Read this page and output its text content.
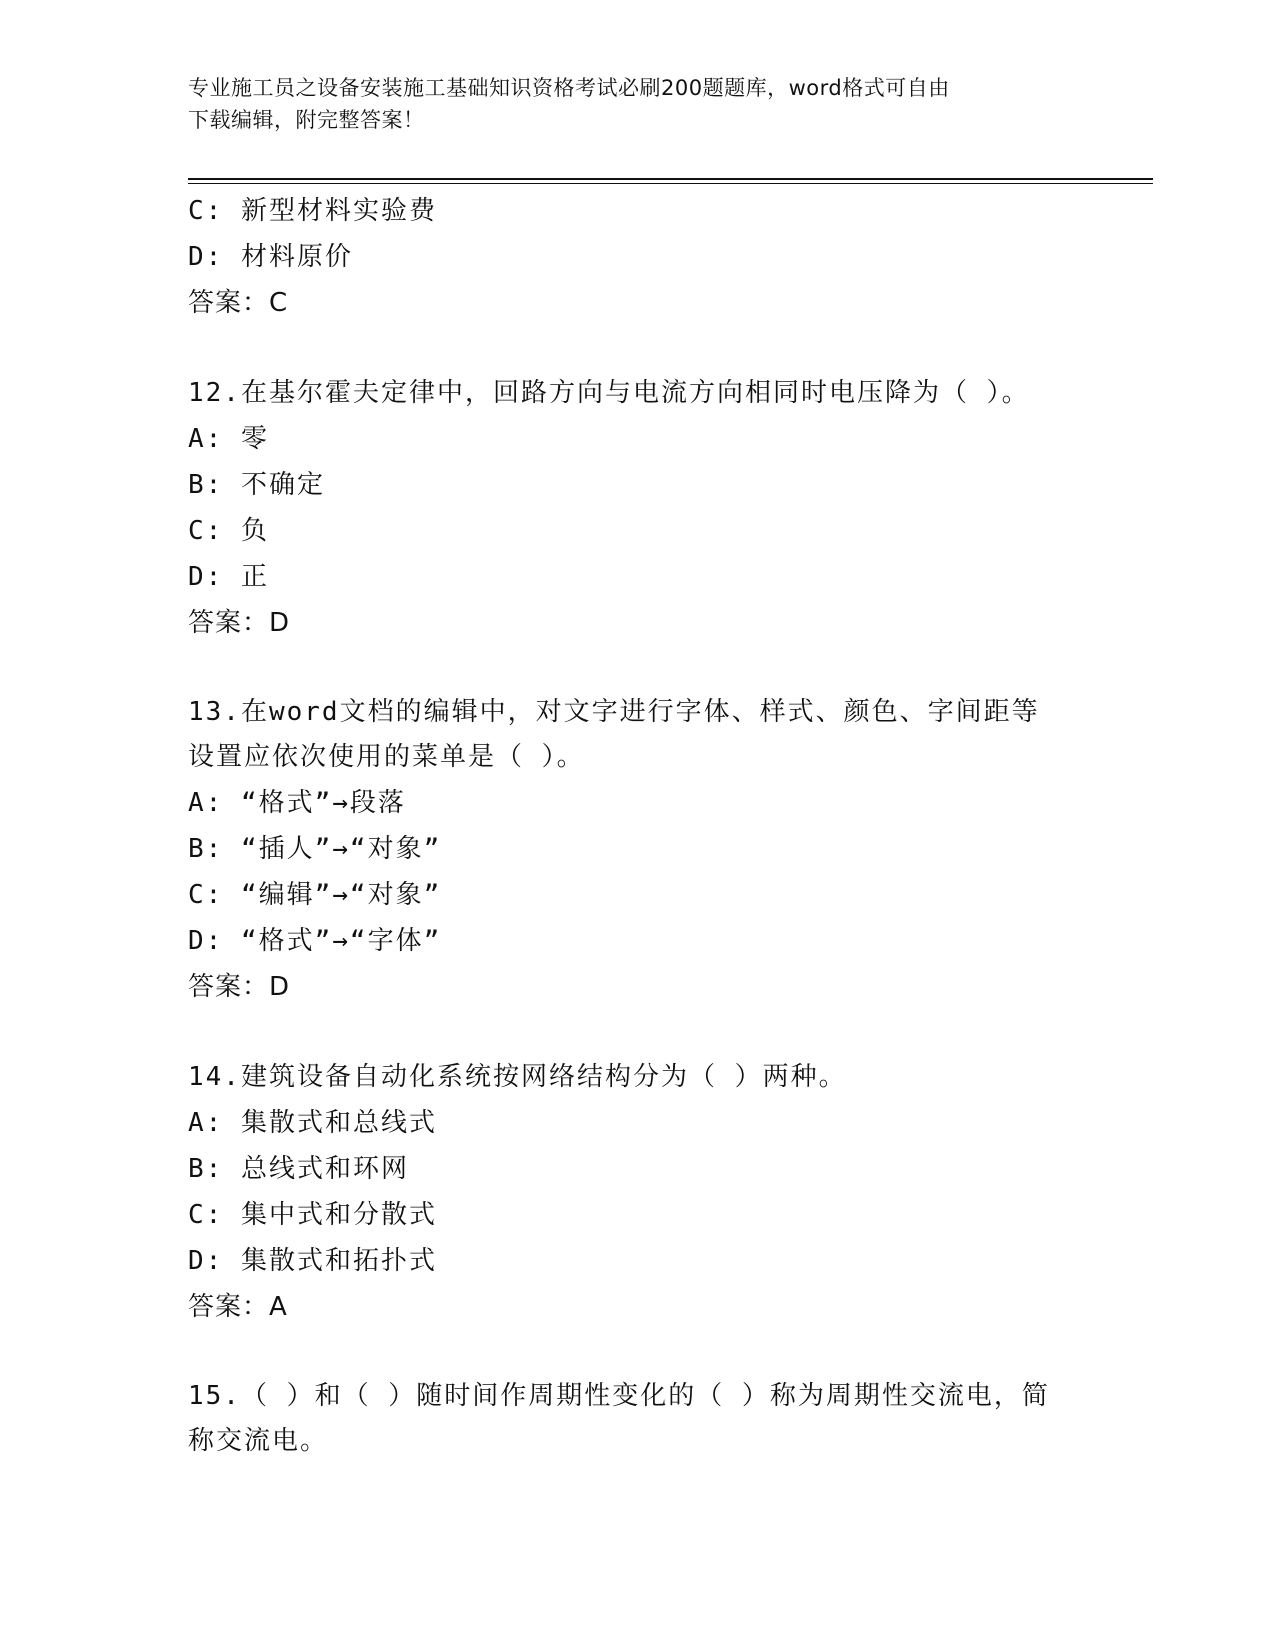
专业施工员之设备安装施工基础知识资格考试必刷200题题库，word格式可自由
下载编辑，附完整答案！
C: 新型材料实验费
D: 材料原价
答案：C
12.在基尔霍夫定律中，回路方向与电流方向相同时电压降为（ ）。
A: 零
B: 不确定
C: 负
D: 正
答案：D
13.在word文档的编辑中，对文字进行字体、样式、颜色、字间距等
设置应依次使用的菜单是（ ）。
A: “格式”→段落
B: “插人”→“对象”
C: “编辑”→“对象”
D: “格式”→“字体”
答案：D
14.建筑设备自动化系统按网络结构分为（ ）两种。
A: 集散式和总线式
B: 总线式和环网
C: 集中式和分散式
D: 集散式和拓扑式
答案：A
15.（ ）和（ ）随时间作周期性变化的（ ）称为周期性交流电，简
称交流电。
